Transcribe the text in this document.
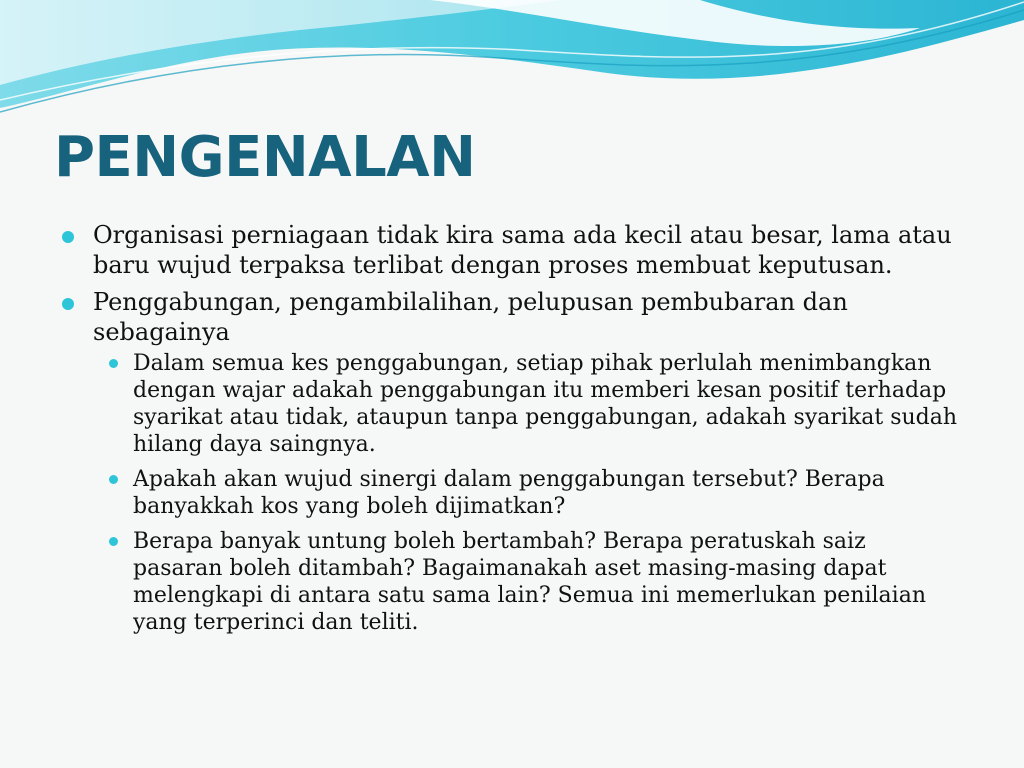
PENGENALAN
Organisasi perniagaan tidak kira sama ada kecil atau besar, lama atau baru wujud terpaksa terlibat dengan proses membuat keputusan.
Penggabungan, pengambilalihan, pelupusan pembubaran dan sebagainya
Dalam semua kes penggabungan, setiap pihak perlulah menimbangkan dengan wajar adakah penggabungan itu memberi kesan positif terhadap syarikat atau tidak, ataupun tanpa penggabungan, adakah syarikat sudah hilang daya saingnya.
Apakah akan wujud sinergi dalam penggabungan tersebut? Berapa banyakkah kos yang boleh dijimatkan?
Berapa banyak untung boleh bertambah? Berapa peratuskah saiz pasaran boleh ditambah? Bagaimanakah aset masing-masing dapat melengkapi di antara satu sama lain? Semua ini memerlukan penilaian yang terperinci dan teliti.
